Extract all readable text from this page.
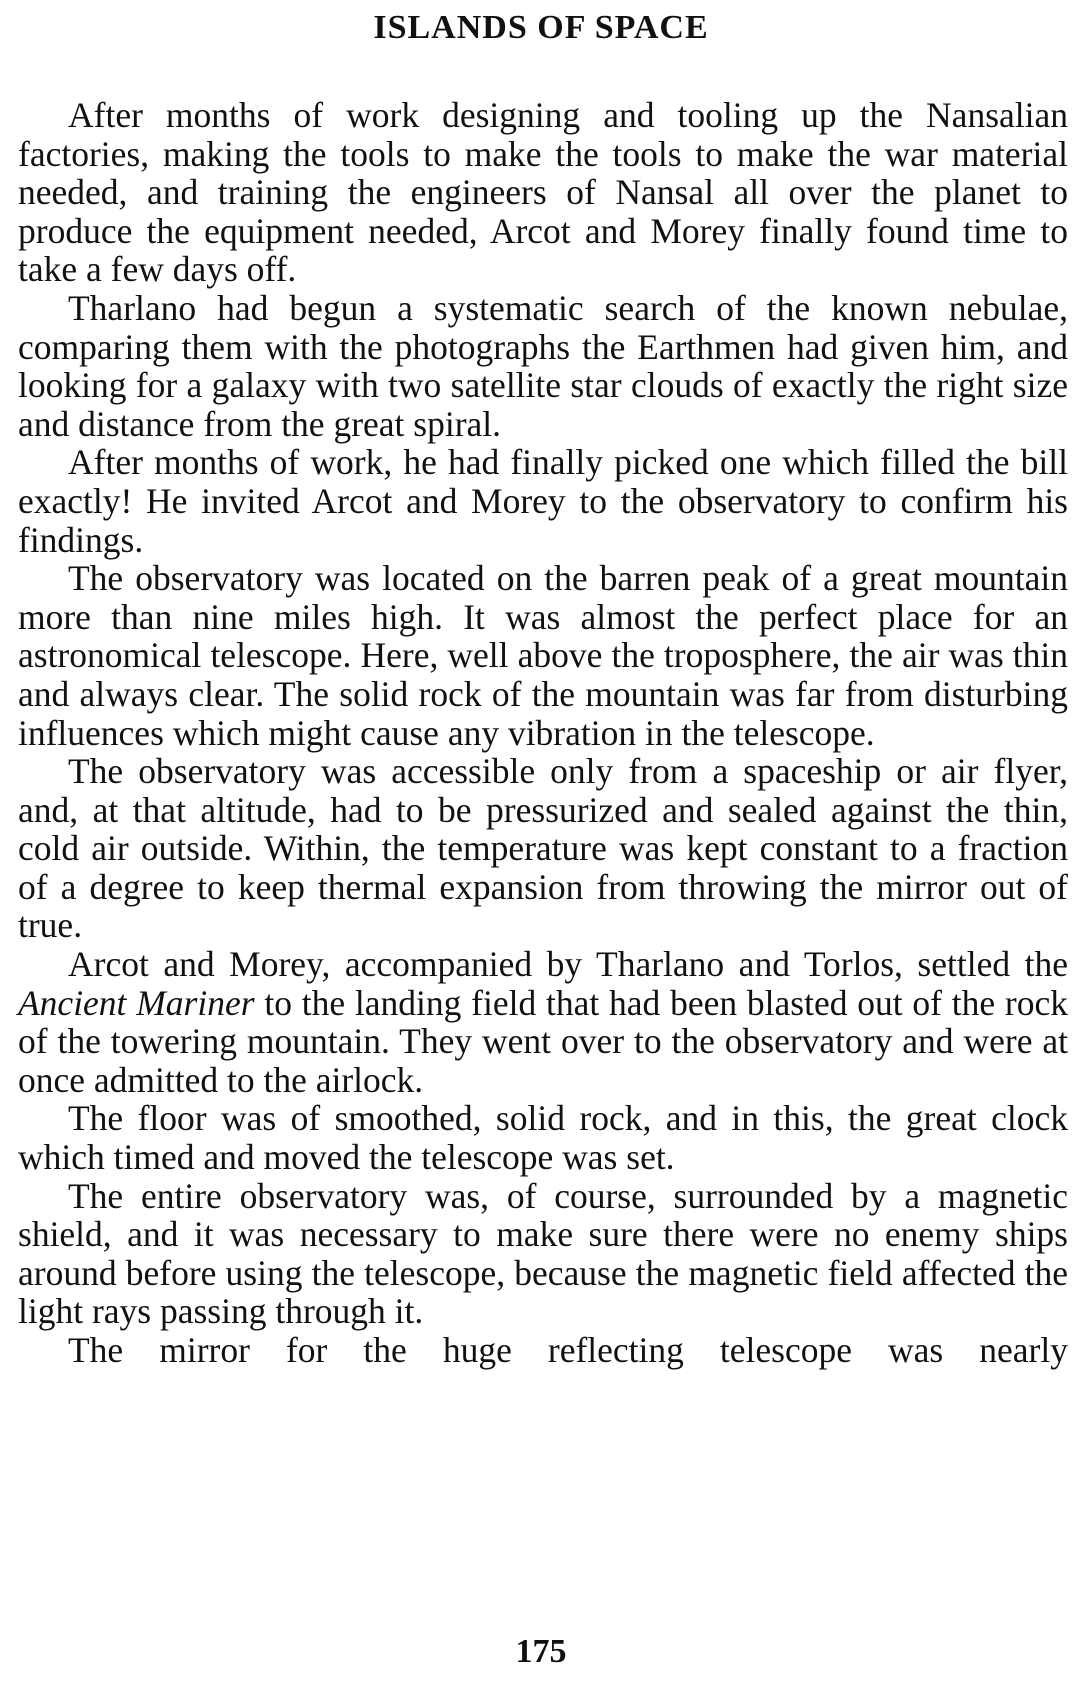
ISLANDS OF SPACE

After months of work designing and tooling up the Nansalian factories, making the tools to make the tools to make the war material needed, and training the engineers of Nansal all over the planet to produce the equipment needed, Arcot and Morey finally found time to take a few days off.

Tharlano had begun a systematic search of the known nebulae, comparing them with the photographs the Earthmen had given him, and looking for a galaxy with two satellite star clouds of exactly the right size and distance from the great spiral.

After months of work, he had finally picked one which filled the bill exactly! He invited Arcot and Morey to the observatory to confirm his findings.

The observatory was located on the barren peak of a great mountain more than nine miles high. It was almost the perfect place for an astronomical telescope. Here, well above the troposphere, the air was thin and always clear. The solid rock of the mountain was far from disturbing influences which might cause any vibration in the telescope.

The observatory was accessible only from a spaceship or air flyer, and, at that altitude, had to be pressurized and sealed against the thin, cold air outside. Within, the temperature was kept constant to a fraction of a degree to keep thermal expansion from throwing the mirror out of true.

Arcot and Morey, accompanied by Tharlano and Torlos, settled the Ancient Mariner to the landing field that had been blasted out of the rock of the towering mountain. They went over to the observatory and were at once admitted to the airlock.

The floor was of smoothed, solid rock, and in this, the great clock which timed and moved the telescope was set.

The entire observatory was, of course, surrounded by a magnetic shield, and it was necessary to make sure there were no enemy ships around before using the telescope, because the magnetic field affected the light rays passing through it.

The mirror for the huge reflecting telescope was nearly

175
